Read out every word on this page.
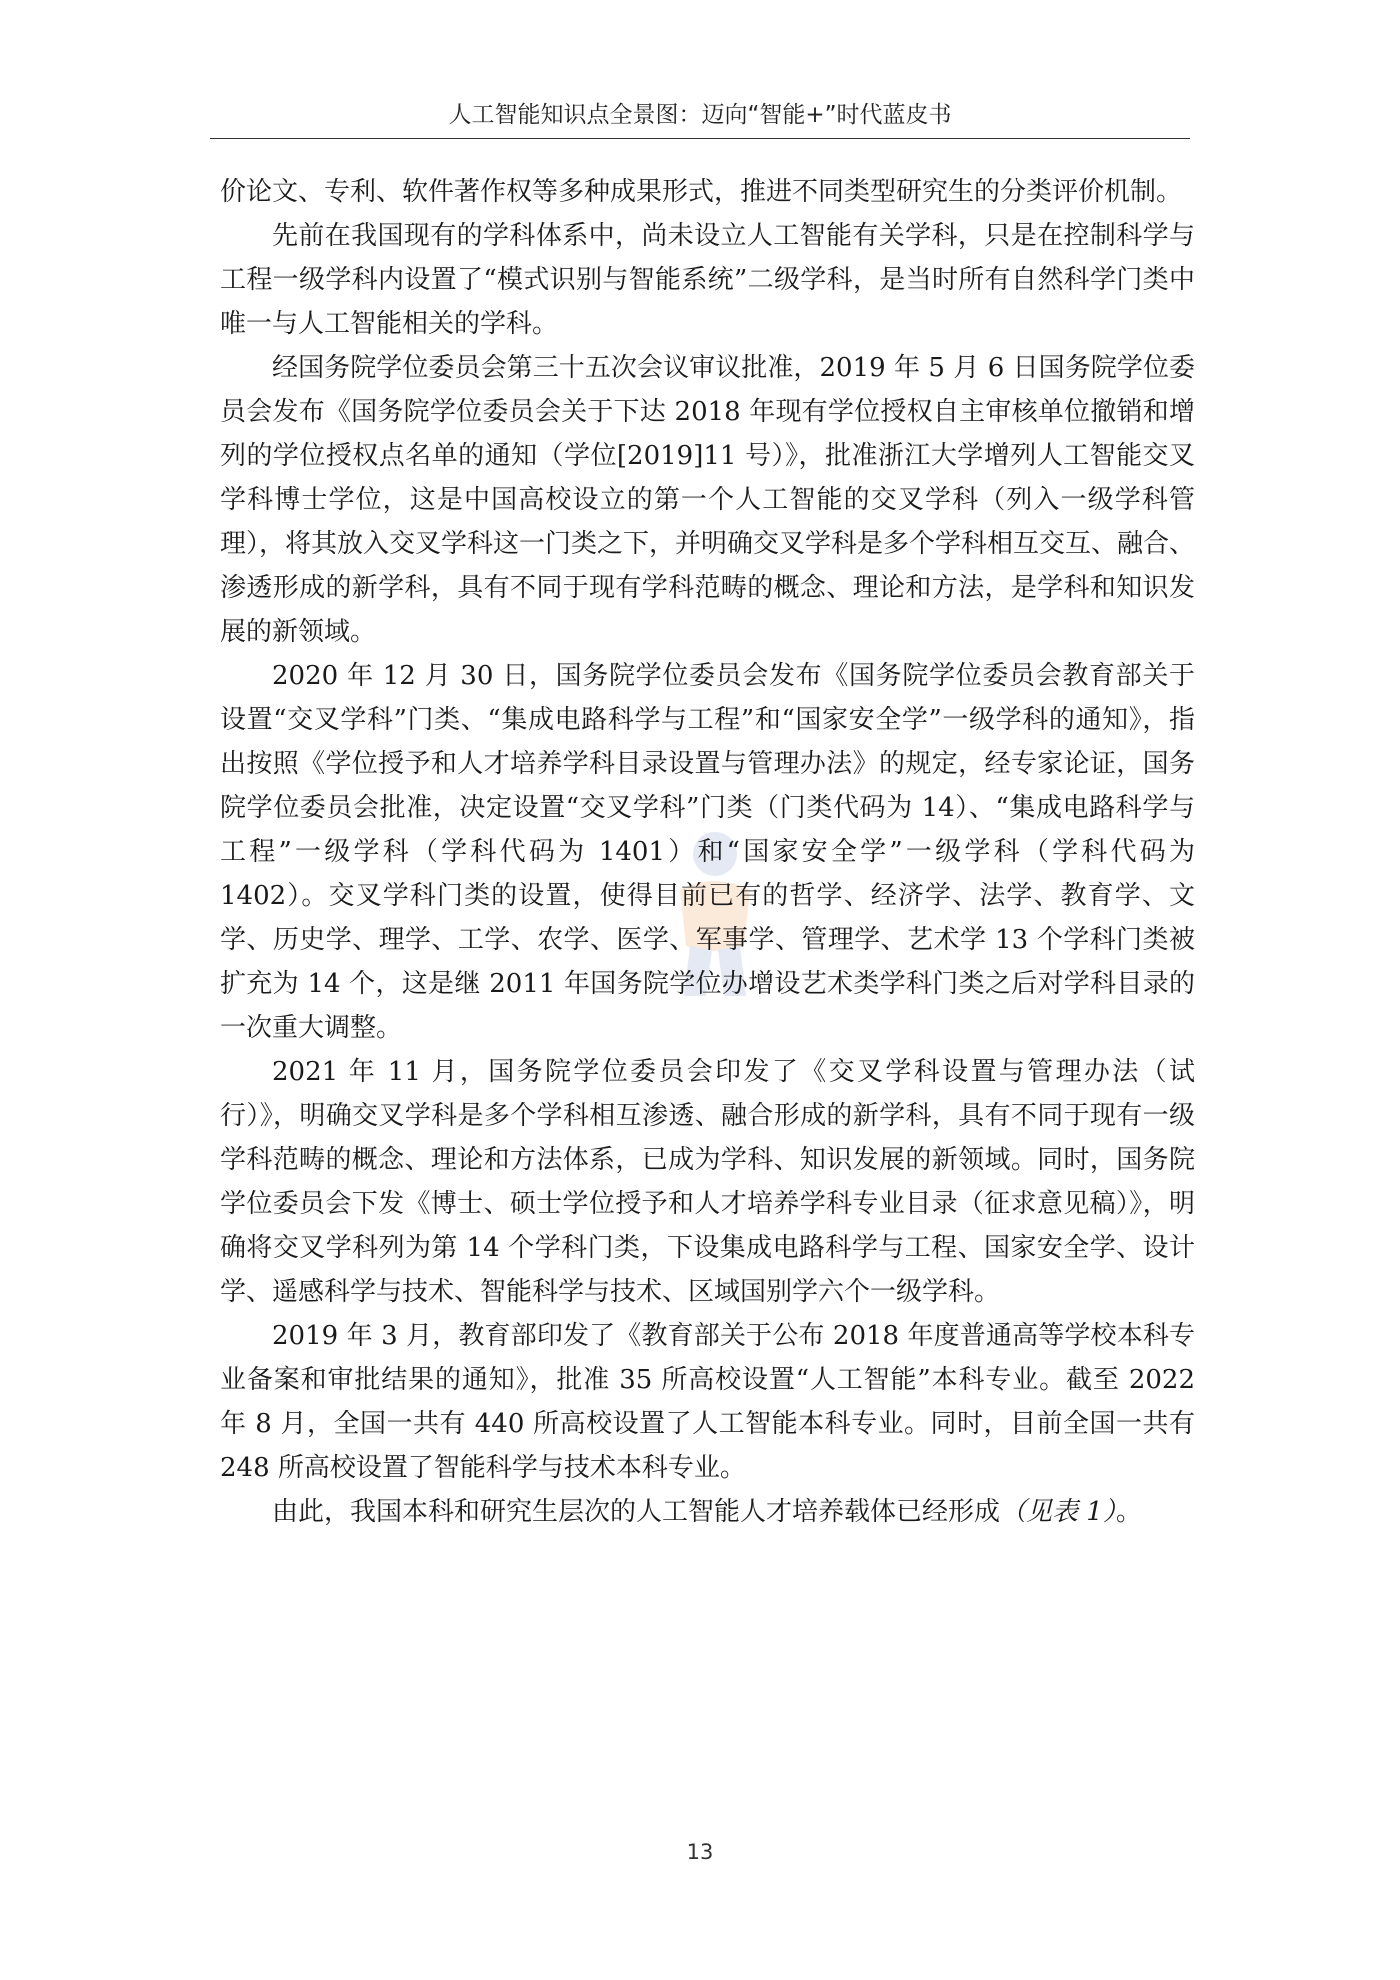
人工智能知识点全景图：迈向“智能+”时代蓝皮书

价论文、专利、软件著作权等多种成果形式，推进不同类型研究生的分类评价机制。

先前在我国现有的学科体系中，尚未设立人工智能有关学科，只是在控制科学与工程一级学科内设置了“模式识别与智能系统”二级学科，是当时所有自然科学门类中唯一与人工智能相关的学科。

经国务院学位委员会第三十五次会议审议批准，2019 年 5 月 6 日国务院学位委员会发布《国务院学位委员会关于下达 2018 年现有学位授权自主审核单位撤销和增列的学位授权点名单的通知（学位[2019]11 号）》，批准浙江大学增列人工智能交叉学科博士学位，这是中国高校设立的第一个人工智能的交叉学科（列入一级学科管理），将其放入交叉学科这一门类之下，并明确交叉学科是多个学科相互交互、融合、渗透形成的新学科，具有不同于现有学科范畴的概念、理论和方法，是学科和知识发展的新领域。

2020 年 12 月 30 日，国务院学位委员会发布《国务院学位委员会教育部关于设置“交叉学科”门类、“集成电路科学与工程”和“国家安全学”一级学科的通知》，指出按照《学位授予和人才培养学科目录设置与管理办法》的规定，经专家论证，国务院学位委员会批准，决定设置“交叉学科”门类（门类代码为 14）、“集成电路科学与工程”一级学科（学科代码为 1401）和“国家安全学”一级学科（学科代码为 1402）。交叉学科门类的设置，使得目前已有的哲学、经济学、法学、教育学、文学、历史学、理学、工学、农学、医学、军事学、管理学、艺术学 13 个学科门类被扩充为 14 个，这是继 2011 年国务院学位办增设艺术类学科门类之后对学科目录的一次重大调整。

2021 年 11 月，国务院学位委员会印发了《交叉学科设置与管理办法（试行）》，明确交叉学科是多个学科相互渗透、融合形成的新学科，具有不同于现有一级学科范畴的概念、理论和方法体系，已成为学科、知识发展的新领域。同时，国务院学位委员会下发《博士、硕士学位授予和人才培养学科专业目录（征求意见稿）》，明确将交叉学科列为第 14 个学科门类，下设集成电路科学与工程、国家安全学、设计学、遥感科学与技术、智能科学与技术、区域国别学六个一级学科。

2019 年 3 月，教育部印发了《教育部关于公布 2018 年度普通高等学校本科专业备案和审批结果的通知》，批准 35 所高校设置“人工智能”本科专业。截至 2022 年 8 月，全国一共有 440 所高校设置了人工智能本科专业。同时，目前全国一共有 248 所高校设置了智能科学与技术本科专业。

由此，我国本科和研究生层次的人工智能人才培养载体已经形成（见表 1）。

13
